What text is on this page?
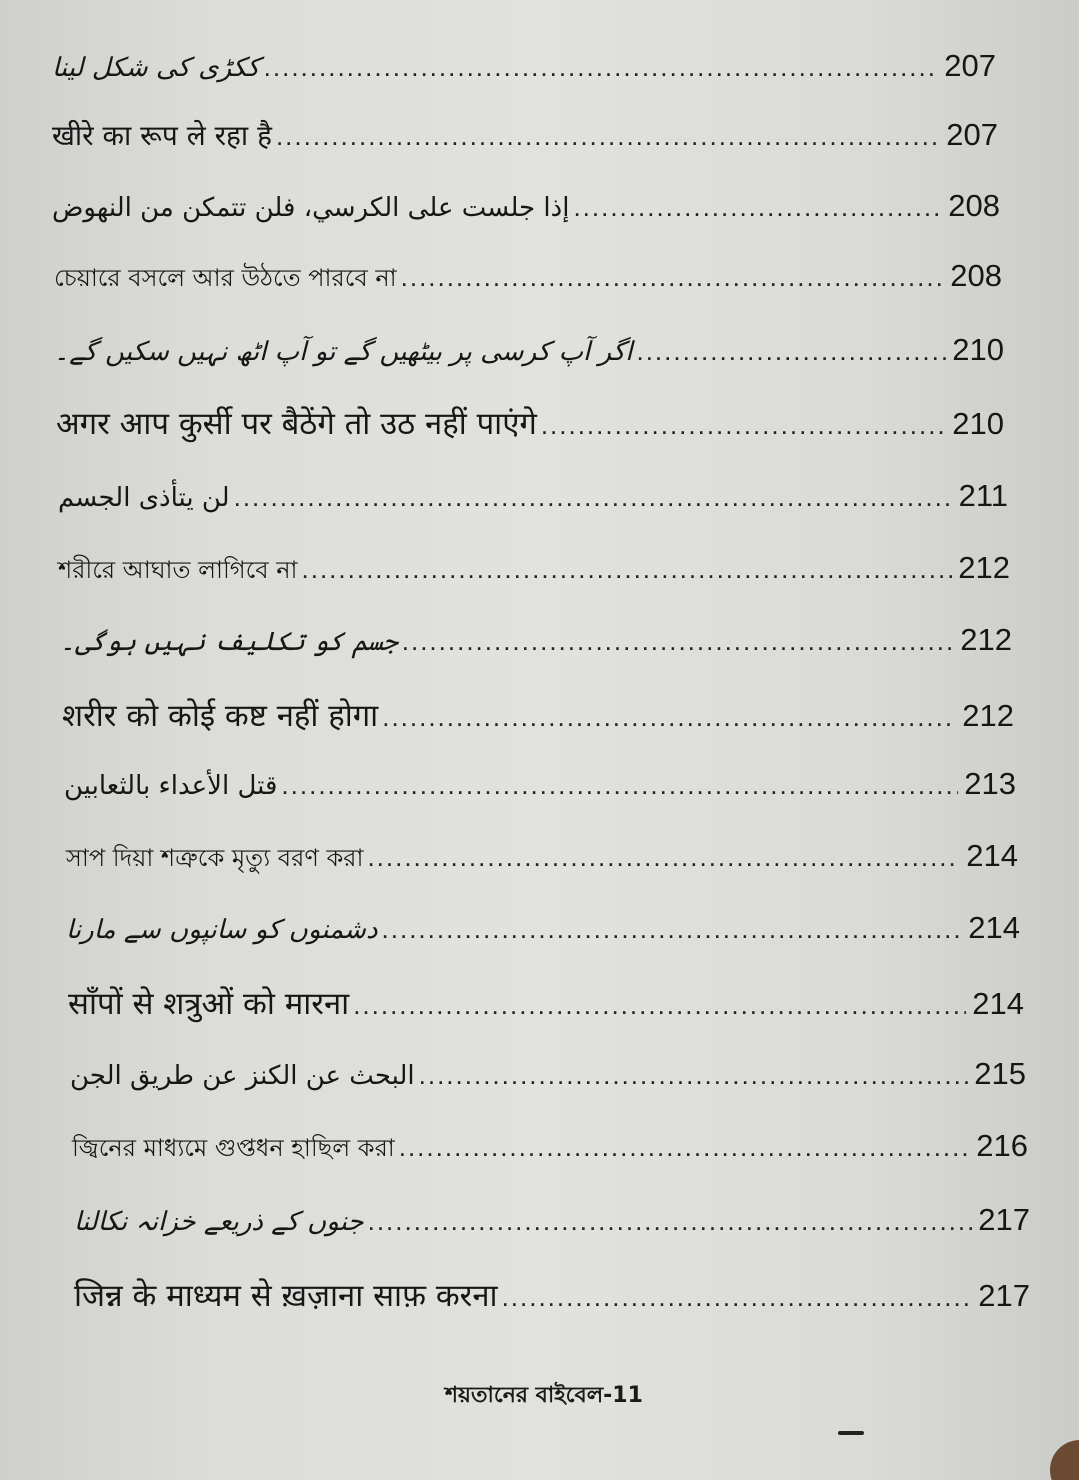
ککڑی کی شکل لینا .....	207
खीरे का रूप ले रहा है .....	207
إذا جلست على الكرسي، فلن تتمكن من النهوض .....	208
চেয়ারে বসলে আর উঠতে পারবে না .....	208
اگر آپ کرسی پر بیٹھیں گے تو آپ اٹھ نہیں سکیں گے۔ .....	210
अगर आप कुर्सी पर बैठेंगे तो उठ नहीं पाएंगे .....	210
لن يتأذى الجسم .....	211
শরীরে আঘাত লাগিবে না .....	212
جسم کو تکلیف نہیں ہوگی۔ .....	212
शरीर को कोई कष्ट नहीं होगा .....	212
قتل الأعداء بالثعابين .....	213
সাপ দিয়া শত্রুকে মৃত্যু বরণ করা .....	214
دشمنوں کو سانپوں سے مارنا .....	214
साँपों से शत्रुओं को मारना .....	214
البحث عن الكنز عن طريق الجن .....	215
জ্বিনের মাধ্যমে গুপ্তধন হাছিল করা .....	216
جنوں کے ذریعے خزانہ نکالنا .....	217
जिन्न के माध्यम से ख़ज़ाना साफ़ करना .....	217
শয়তানের বাইবেল-11
